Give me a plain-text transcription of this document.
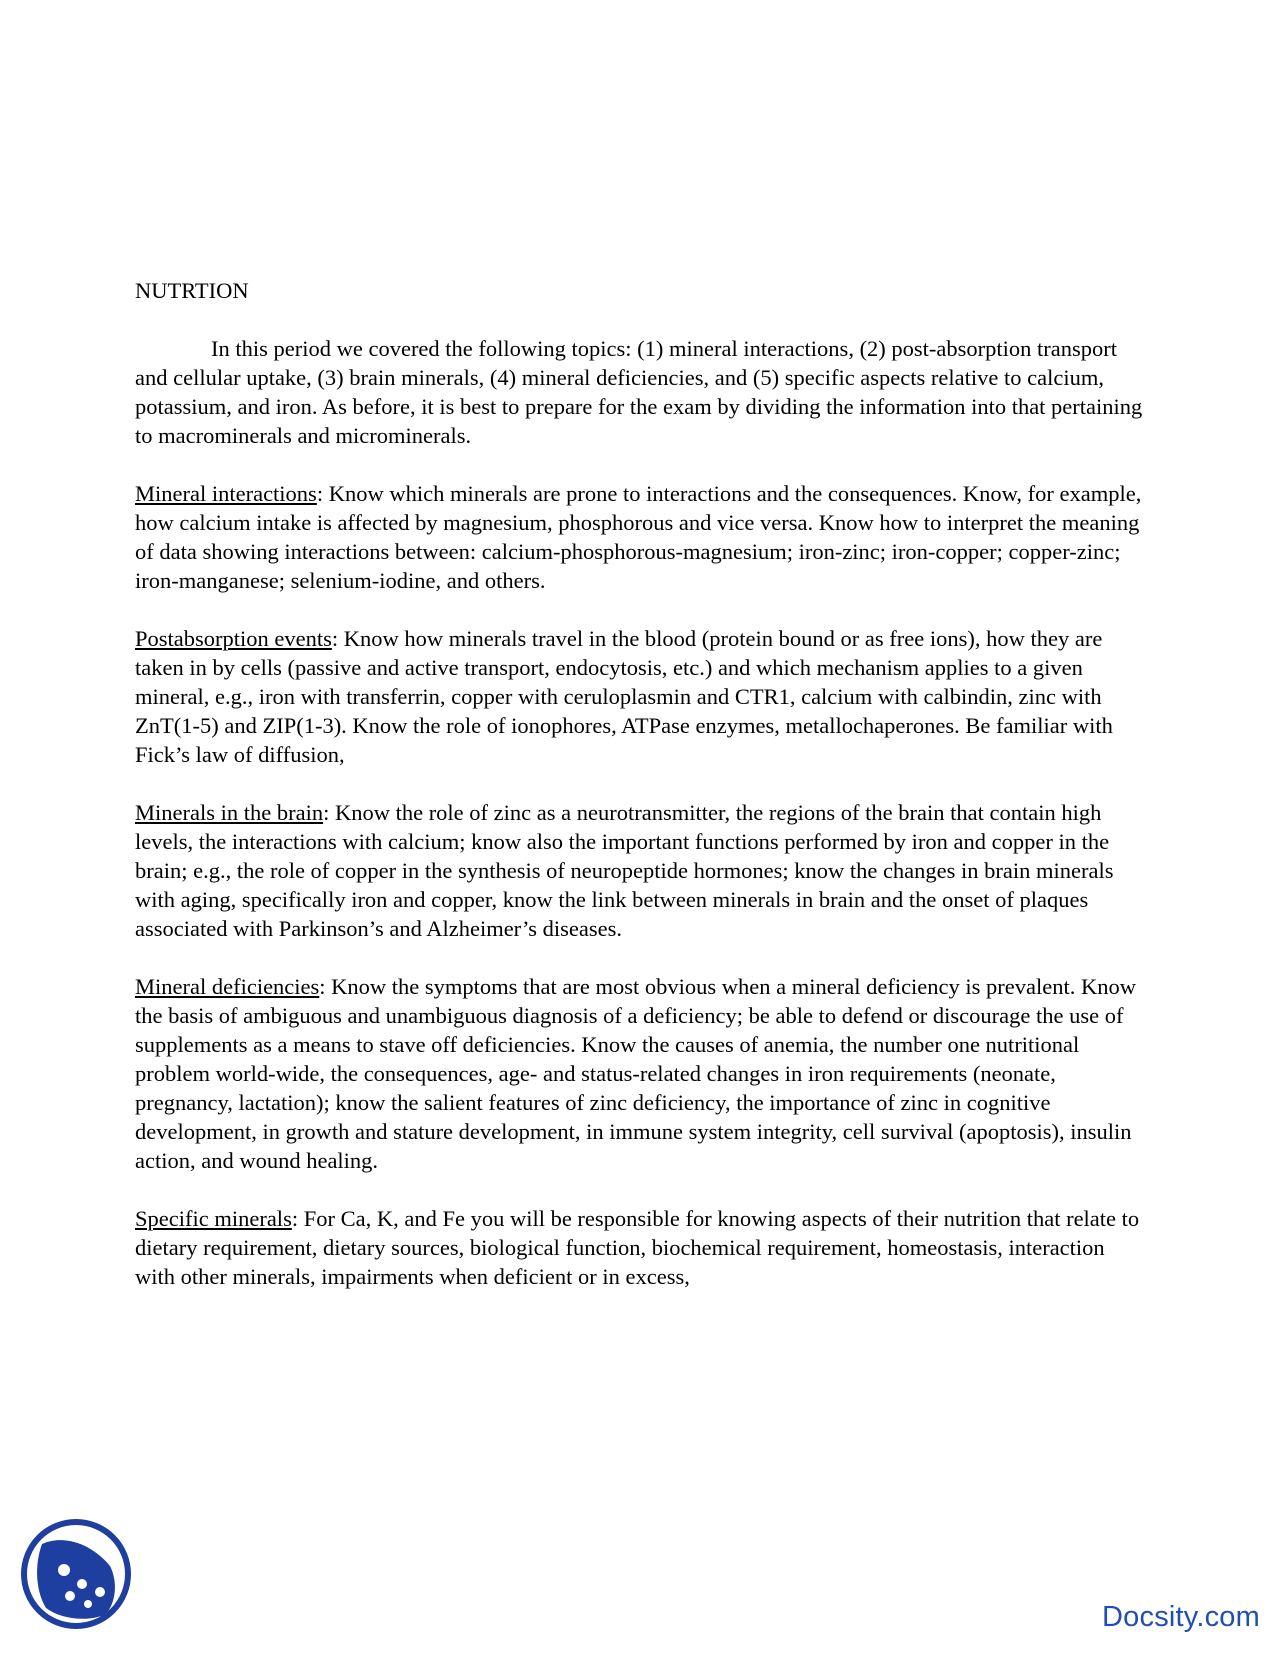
NUTRTION

In this period we covered the following topics: (1) mineral interactions, (2) post-absorption transport and cellular uptake, (3) brain minerals, (4) mineral deficiencies, and (5) specific aspects relative to calcium, potassium, and iron. As before, it is best to prepare for the exam by dividing the information into that pertaining to macrominerals and microminerals.

Mineral interactions: Know which minerals are prone to interactions and the consequences. Know, for example, how calcium intake is affected by magnesium, phosphorous and vice versa. Know how to interpret the meaning of data showing interactions between: calcium-phosphorous-magnesium; iron-zinc; iron-copper; copper-zinc; iron-manganese; selenium-iodine, and others.

Postabsorption events: Know how minerals travel in the blood (protein bound or as free ions), how they are taken in by cells (passive and active transport, endocytosis, etc.) and which mechanism applies to a given mineral, e.g., iron with transferrin, copper with ceruloplasmin and CTR1, calcium with calbindin, zinc with ZnT(1-5) and ZIP(1-3). Know the role of ionophores, ATPase enzymes, metallochaperones. Be familiar with Fick’s law of diffusion,

Minerals in the brain: Know the role of zinc as a neurotransmitter, the regions of the brain that contain high levels, the interactions with calcium; know also the important functions performed by iron and copper in the brain; e.g., the role of copper in the synthesis of neuropeptide hormones; know the changes in brain minerals with aging, specifically iron and copper, know the link between minerals in brain and the onset of plaques associated with Parkinson’s and Alzheimer’s diseases.

Mineral deficiencies: Know the symptoms that are most obvious when a mineral deficiency is prevalent. Know the basis of ambiguous and unambiguous diagnosis of a deficiency; be able to defend or discourage the use of supplements as a means to stave off deficiencies. Know the causes of anemia, the number one nutritional problem world-wide, the consequences, age- and status-related changes in iron requirements (neonate, pregnancy, lactation); know the salient features of zinc deficiency, the importance of zinc in cognitive development, in growth and stature development, in immune system integrity, cell survival (apoptosis), insulin action, and wound healing.

Specific minerals: For Ca, K, and Fe you will be responsible for knowing aspects of their nutrition that relate to dietary requirement, dietary sources, biological function, biochemical requirement, homeostasis, interaction with other minerals, impairments when deficient or in excess,

Docsity.com
